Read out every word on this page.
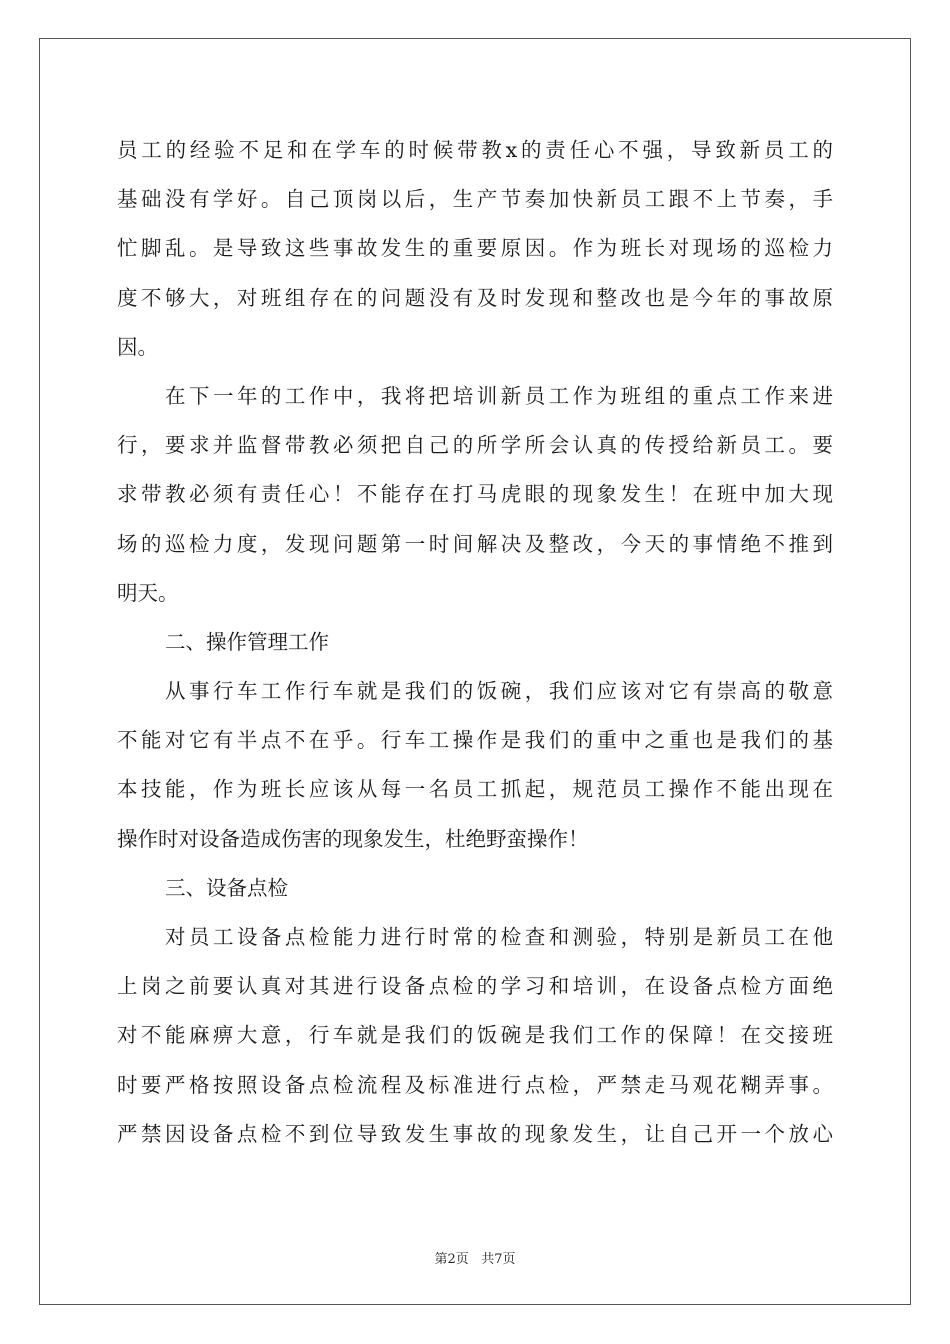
员工的经验不足和在学车的时候带教x的责任心不强，导致新员工的
基础没有学好。自己顶岗以后，生产节奏加快新员工跟不上节奏，手
忙脚乱。是导致这些事故发生的重要原因。作为班长对现场的巡检力
度不够大，对班组存在的问题没有及时发现和整改也是今年的事故原
因。
在下一年的工作中，我将把培训新员工作为班组的重点工作来进
行，要求并监督带教必须把自己的所学所会认真的传授给新员工。要
求带教必须有责任心！不能存在打马虎眼的现象发生！在班中加大现
场的巡检力度，发现问题第一时间解决及整改，今天的事情绝不推到
明天。
二、操作管理工作
从事行车工作行车就是我们的饭碗，我们应该对它有崇高的敬意
不能对它有半点不在乎。行车工操作是我们的重中之重也是我们的基
本技能，作为班长应该从每一名员工抓起，规范员工操作不能出现在
操作时对设备造成伤害的现象发生，杜绝野蛮操作！
三、设备点检
对员工设备点检能力进行时常的检查和测验，特别是新员工在他
上岗之前要认真对其进行设备点检的学习和培训，在设备点检方面绝
对不能麻痹大意，行车就是我们的饭碗是我们工作的保障！在交接班
时要严格按照设备点检流程及标准进行点检，严禁走马观花糊弄事。
严禁因设备点检不到位导致发生事故的现象发生，让自己开一个放心
第2页 共7页
